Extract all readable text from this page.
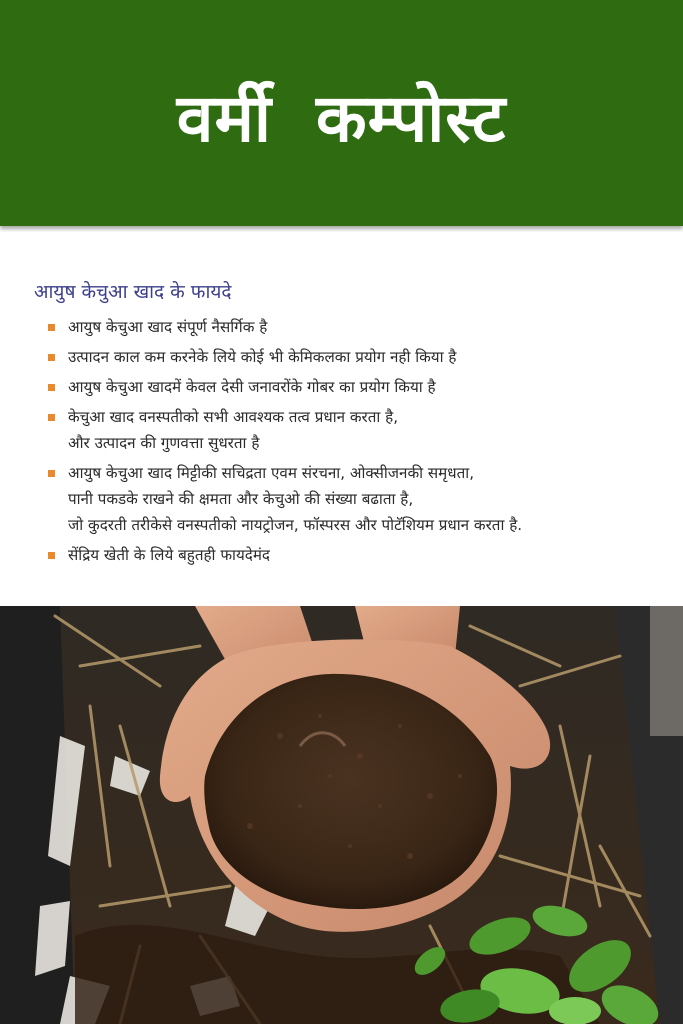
वर्मी कम्पोस्ट
आयुष केचुआ खाद के फायदे
आयुष केचुआ खाद संपूर्ण नैसर्गिक है
उत्पादन काल कम करनेके लिये कोई भी केमिकलका प्रयोग नही किया है
आयुष केचुआ खादमें केवल देसी जनावरोंके गोबर का प्रयोग किया है
केचुआ खाद वनस्पतीको सभी आवश्यक तत्व प्रधान करता है,
और उत्पादन की गुणवत्ता सुधरता है
आयुष केचुआ खाद मिट्टीकी सचिद्रता एवम संरचना, ओक्सीजनकी समृधता,
पानी पकडके राखने की क्षमता और केचुओ की संख्या बढाता है,
जो कुदरती तरीकेसे वनस्पतीको नायट्रोजन, फॉस्परस और पोटॅशियम प्रधान करता है.
सेंद्रिय खेती के लिये बहुतही फायदेमंद
